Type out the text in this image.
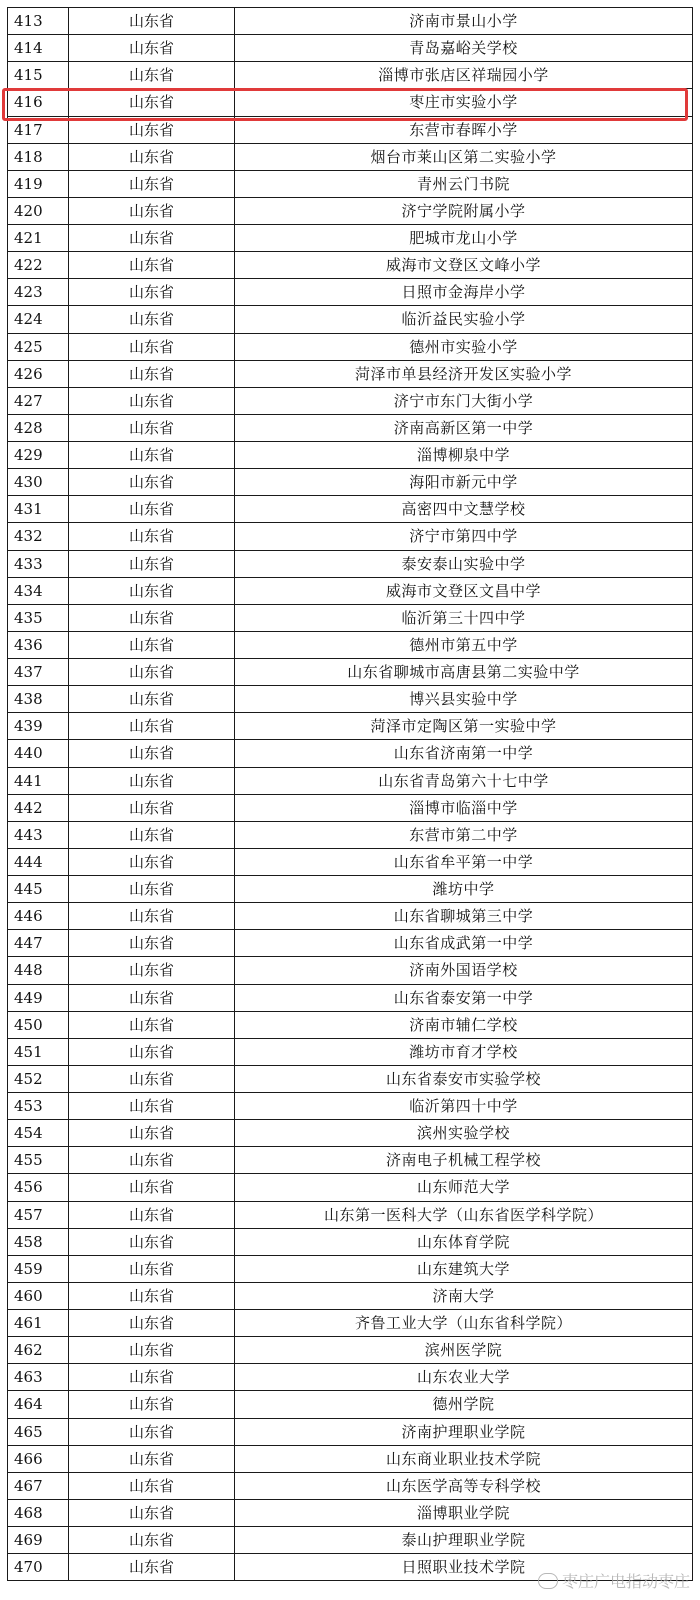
413	山东省	济南市景山小学
414	山东省	青岛嘉峪关学校
415	山东省	淄博市张店区祥瑞园小学
416	山东省	枣庄市实验小学
417	山东省	东营市春晖小学
418	山东省	烟台市莱山区第二实验小学
419	山东省	青州云门书院
420	山东省	济宁学院附属小学
421	山东省	肥城市龙山小学
422	山东省	威海市文登区文峰小学
423	山东省	日照市金海岸小学
424	山东省	临沂益民实验小学
425	山东省	德州市实验小学
426	山东省	菏泽市单县经济开发区实验小学
427	山东省	济宁市东门大街小学
428	山东省	济南高新区第一中学
429	山东省	淄博柳泉中学
430	山东省	海阳市新元中学
431	山东省	高密四中文慧学校
432	山东省	济宁市第四中学
433	山东省	泰安泰山实验中学
434	山东省	威海市文登区文昌中学
435	山东省	临沂第三十四中学
436	山东省	德州市第五中学
437	山东省	山东省聊城市高唐县第二实验中学
438	山东省	博兴县实验中学
439	山东省	菏泽市定陶区第一实验中学
440	山东省	山东省济南第一中学
441	山东省	山东省青岛第六十七中学
442	山东省	淄博市临淄中学
443	山东省	东营市第二中学
444	山东省	山东省牟平第一中学
445	山东省	潍坊中学
446	山东省	山东省聊城第三中学
447	山东省	山东省成武第一中学
448	山东省	济南外国语学校
449	山东省	山东省泰安第一中学
450	山东省	济南市辅仁学校
451	山东省	潍坊市育才学校
452	山东省	山东省泰安市实验学校
453	山东省	临沂第四十中学
454	山东省	滨州实验学校
455	山东省	济南电子机械工程学校
456	山东省	山东师范大学
457	山东省	山东第一医科大学（山东省医学科学院）
458	山东省	山东体育学院
459	山东省	山东建筑大学
460	山东省	济南大学
461	山东省	齐鲁工业大学（山东省科学院）
462	山东省	滨州医学院
463	山东省	山东农业大学
464	山东省	德州学院
465	山东省	济南护理职业学院
466	山东省	山东商业职业技术学院
467	山东省	山东医学高等专科学校
468	山东省	淄博职业学院
469	山东省	泰山护理职业学院
470	山东省	日照职业技术学院
枣庄广电指动枣庄
